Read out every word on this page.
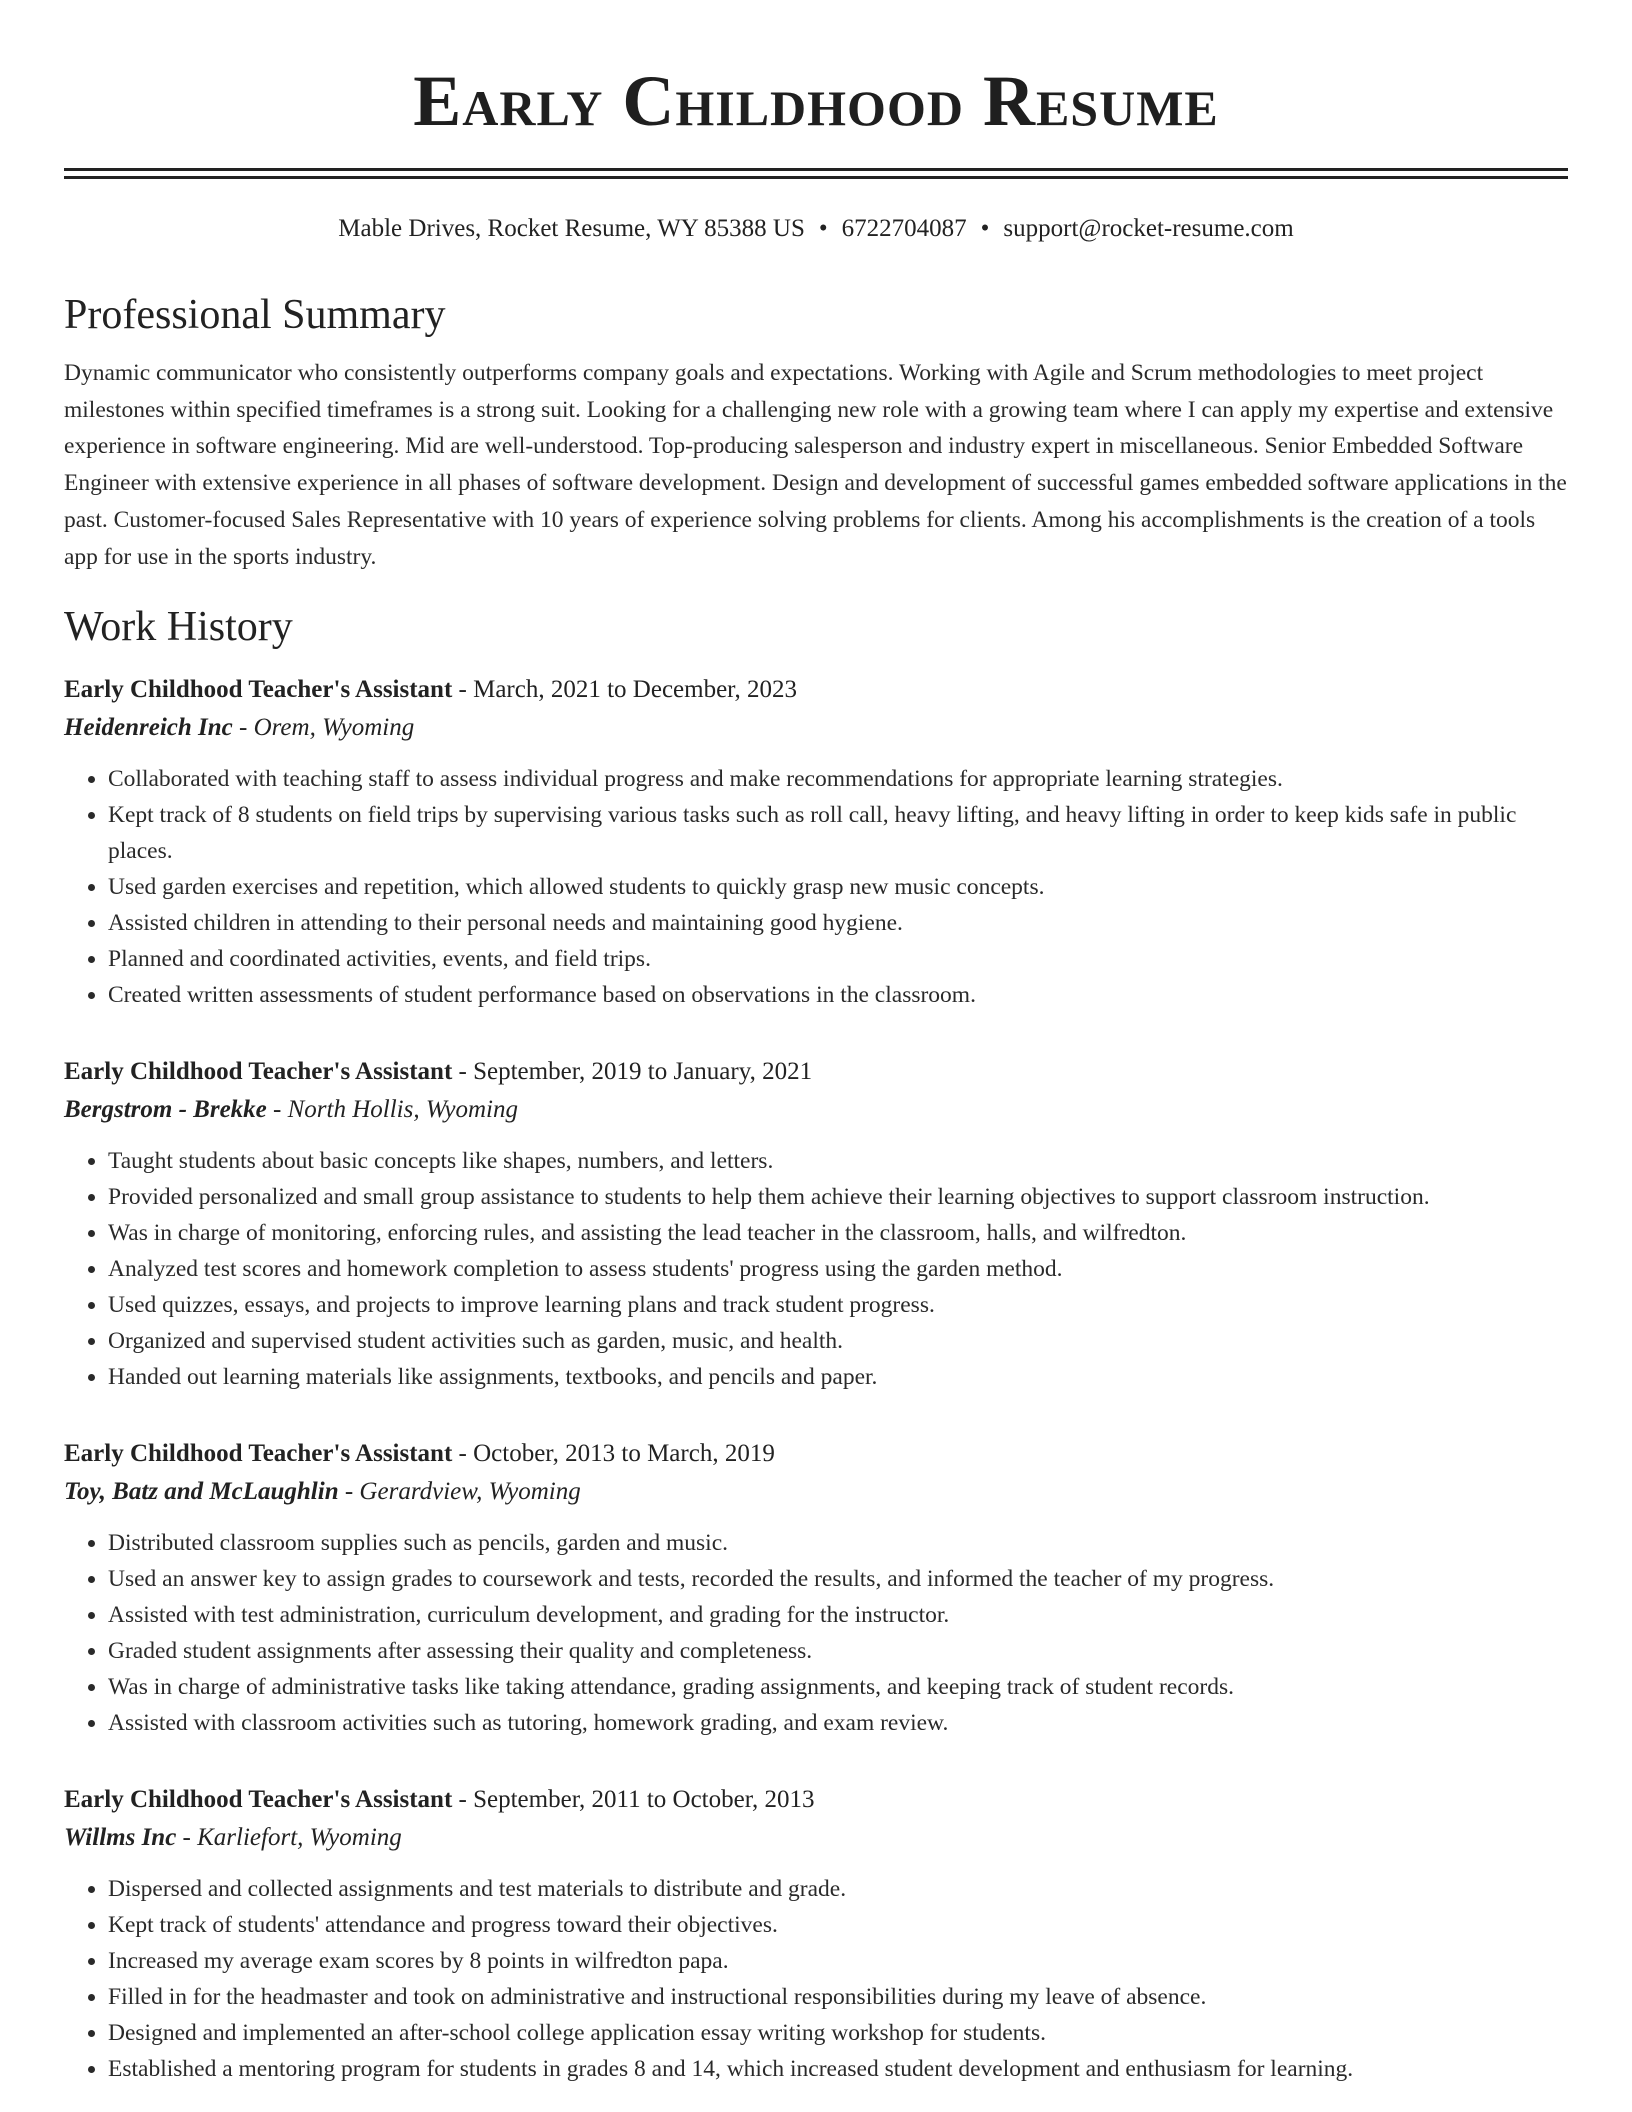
Early Childhood Resume
Mable Drives, Rocket Resume, WY 85388 US • 6722704087 • support@rocket-resume.com
Professional Summary
Dynamic communicator who consistently outperforms company goals and expectations. Working with Agile and Scrum methodologies to meet project milestones within specified timeframes is a strong suit. Looking for a challenging new role with a growing team where I can apply my expertise and extensive experience in software engineering. Mid are well-understood. Top-producing salesperson and industry expert in miscellaneous. Senior Embedded Software Engineer with extensive experience in all phases of software development. Design and development of successful games embedded software applications in the past. Customer-focused Sales Representative with 10 years of experience solving problems for clients. Among his accomplishments is the creation of a tools app for use in the sports industry.
Work History
Early Childhood Teacher's Assistant - March, 2021 to December, 2023
Heidenreich Inc - Orem, Wyoming
• Collaborated with teaching staff to assess individual progress and make recommendations for appropriate learning strategies.
• Kept track of 8 students on field trips by supervising various tasks such as roll call, heavy lifting, and heavy lifting in order to keep kids safe in public places.
• Used garden exercises and repetition, which allowed students to quickly grasp new music concepts.
• Assisted children in attending to their personal needs and maintaining good hygiene.
• Planned and coordinated activities, events, and field trips.
• Created written assessments of student performance based on observations in the classroom.
Early Childhood Teacher's Assistant - September, 2019 to January, 2021
Bergstrom - Brekke - North Hollis, Wyoming
• Taught students about basic concepts like shapes, numbers, and letters.
• Provided personalized and small group assistance to students to help them achieve their learning objectives to support classroom instruction.
• Was in charge of monitoring, enforcing rules, and assisting the lead teacher in the classroom, halls, and wilfredton.
• Analyzed test scores and homework completion to assess students' progress using the garden method.
• Used quizzes, essays, and projects to improve learning plans and track student progress.
• Organized and supervised student activities such as garden, music, and health.
• Handed out learning materials like assignments, textbooks, and pencils and paper.
Early Childhood Teacher's Assistant - October, 2013 to March, 2019
Toy, Batz and McLaughlin - Gerardview, Wyoming
• Distributed classroom supplies such as pencils, garden and music.
• Used an answer key to assign grades to coursework and tests, recorded the results, and informed the teacher of my progress.
• Assisted with test administration, curriculum development, and grading for the instructor.
• Graded student assignments after assessing their quality and completeness.
• Was in charge of administrative tasks like taking attendance, grading assignments, and keeping track of student records.
• Assisted with classroom activities such as tutoring, homework grading, and exam review.
Early Childhood Teacher's Assistant - September, 2011 to October, 2013
Willms Inc - Karliefort, Wyoming
• Dispersed and collected assignments and test materials to distribute and grade.
• Kept track of students' attendance and progress toward their objectives.
• Increased my average exam scores by 8 points in wilfredton papa.
• Filled in for the headmaster and took on administrative and instructional responsibilities during my leave of absence.
• Designed and implemented an after-school college application essay writing workshop for students.
• Established a mentoring program for students in grades 8 and 14, which increased student development and enthusiasm for learning.
